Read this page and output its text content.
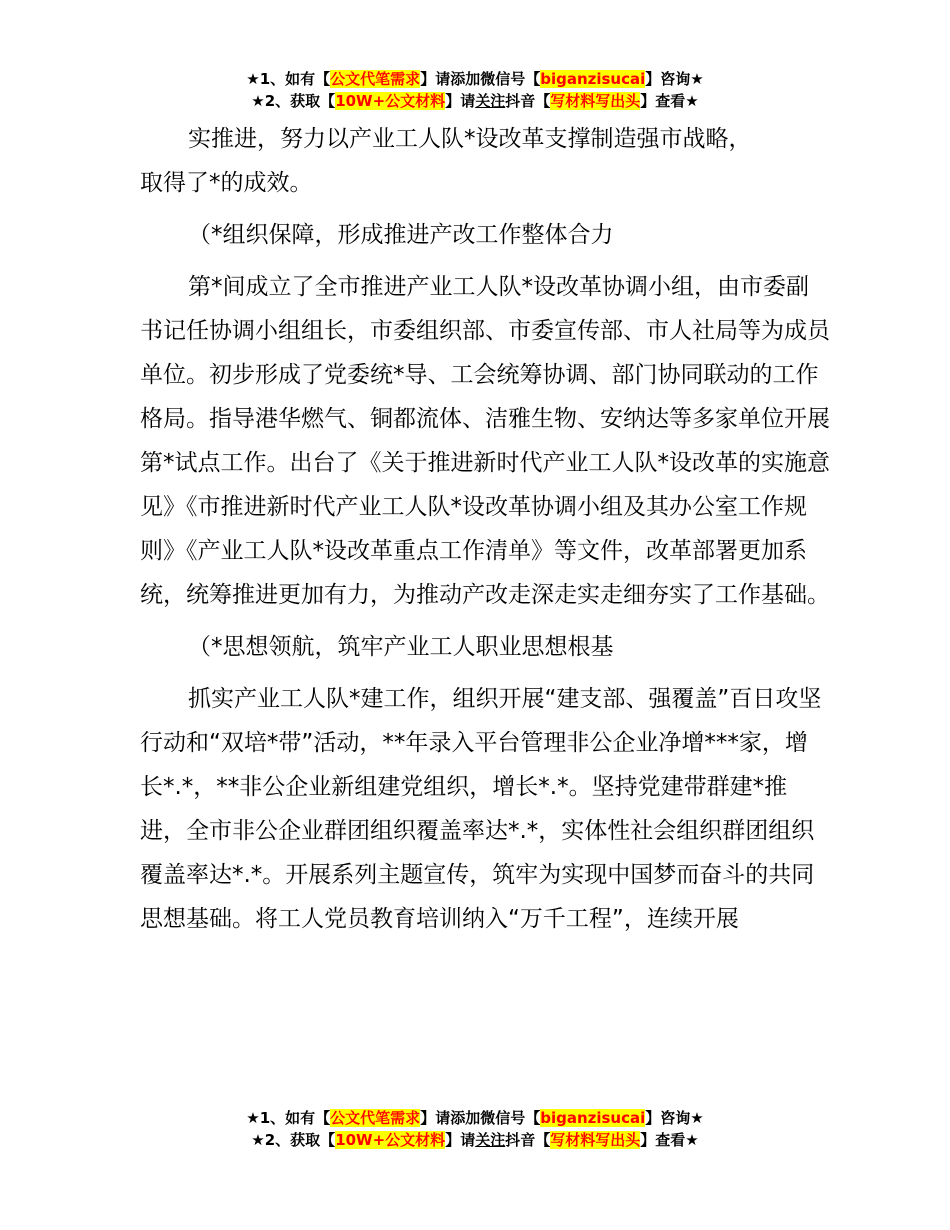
★1、如有【公文代笔需求】请添加微信号【biganzisucai】咨询★
★2、获取【10W+公文材料】请关注抖音【写材料写出头】查看★

实推进，努力以产业工人队*设改革支撑制造强市战略，

取得了*的成效。

（*组织保障，形成推进产改工作整体合力

第*间成立了全市推进产业工人队*设改革协调小组，由市委副书记任协调小组组长，市委组织部、市委宣传部、市人社局等为成员单位。初步形成了党委统*导、工会统筹协调、部门协同联动的工作格局。指导港华燃气、铜都流体、洁雅生物、安纳达等多家单位开展第*试点工作。出台了《关于推进新时代产业工人队*设改革的实施意见》《市推进新时代产业工人队*设改革协调小组及其办公室工作规则》《产业工人队*设改革重点工作清单》等文件，改革部署更加系统，统筹推进更加有力，为推动产改走深走实走细夯实了工作基础。

（*思想领航，筑牢产业工人职业思想根基

抓实产业工人队*建工作，组织开展“建支部、强覆盖”百日攻坚行动和“双培*带”活动，**年录入平台管理非公企业净增***家，增长*.*，**非公企业新组建党组织，增长*.*。坚持党建带群建*推进，全市非公企业群团组织覆盖率达*.*，实体性社会组织群团组织覆盖率达*.*。开展系列主题宣传，筑牢为实现中国梦而奋斗的共同思想基础。将工人党员教育培训纳入“万千工程”，连续开展

★1、如有【公文代笔需求】请添加微信号【biganzisucai】咨询★
★2、获取【10W+公文材料】请关注抖音【写材料写出头】查看★
